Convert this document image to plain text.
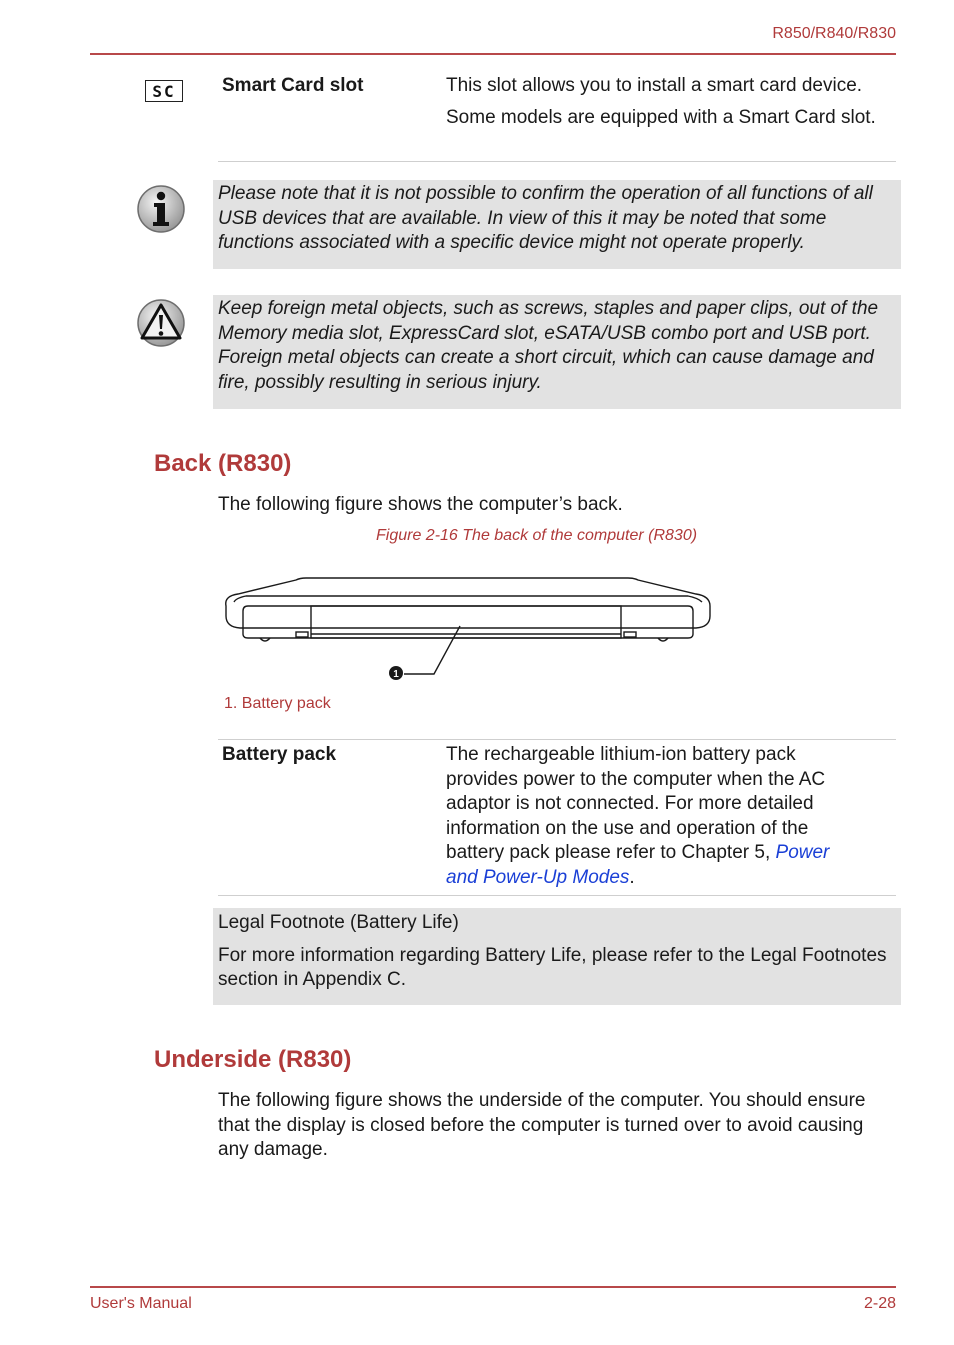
R850/R840/R830
SC Smart Card slot	This slot allows you to install a smart card device.
Some models are equipped with a Smart Card slot.

Please note that it is not possible to confirm the operation of all functions of all USB devices that are available. In view of this it may be noted that some functions associated with a specific device might not operate properly.

Keep foreign metal objects, such as screws, staples and paper clips, out of the Memory media slot, ExpressCard slot, eSATA/USB combo port and USB port. Foreign metal objects can create a short circuit, which can cause damage and fire, possibly resulting in serious injury.

Back (R830)
The following figure shows the computer’s back.
Figure 2-16 The back of the computer (R830)
1
1. Battery pack
Battery pack	The rechargeable lithium-ion battery pack provides power to the computer when the AC adaptor is not connected. For more detailed information on the use and operation of the battery pack please refer to Chapter 5, Power and Power-Up Modes.

Legal Footnote (Battery Life)

For more information regarding Battery Life, please refer to the Legal Footnotes section in Appendix C.

Underside (R830)
The following figure shows the underside of the computer. You should ensure that the display is closed before the computer is turned over to avoid causing any damage.
User's Manual	2-28
